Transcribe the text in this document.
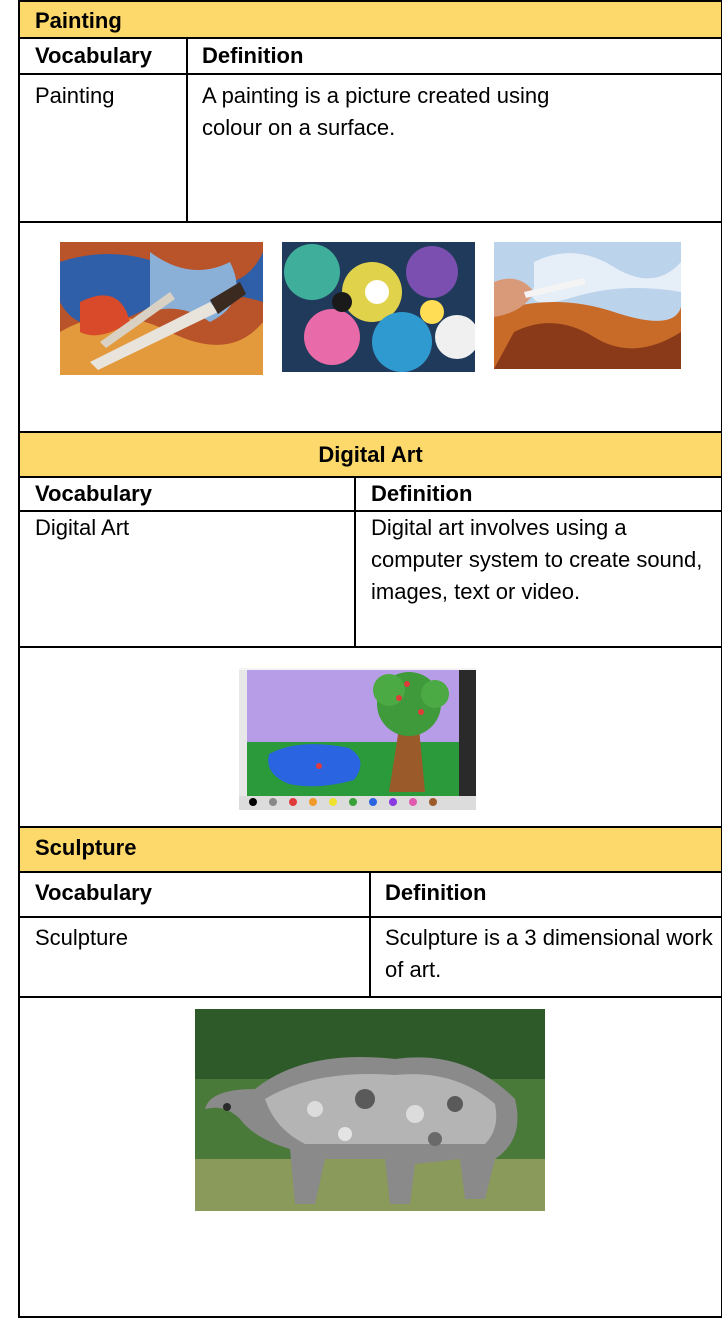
Painting
Vocabulary Definition
Painting	A painting is a picture created using colour on a surface.
Digital Art
Vocabulary	Definition
Digital Art	Digital art involves using a computer system to create sound, images, text or video.
Sculpture
Vocabulary	Definition
Sculpture	Sculpture is a 3 dimensional work of art.
